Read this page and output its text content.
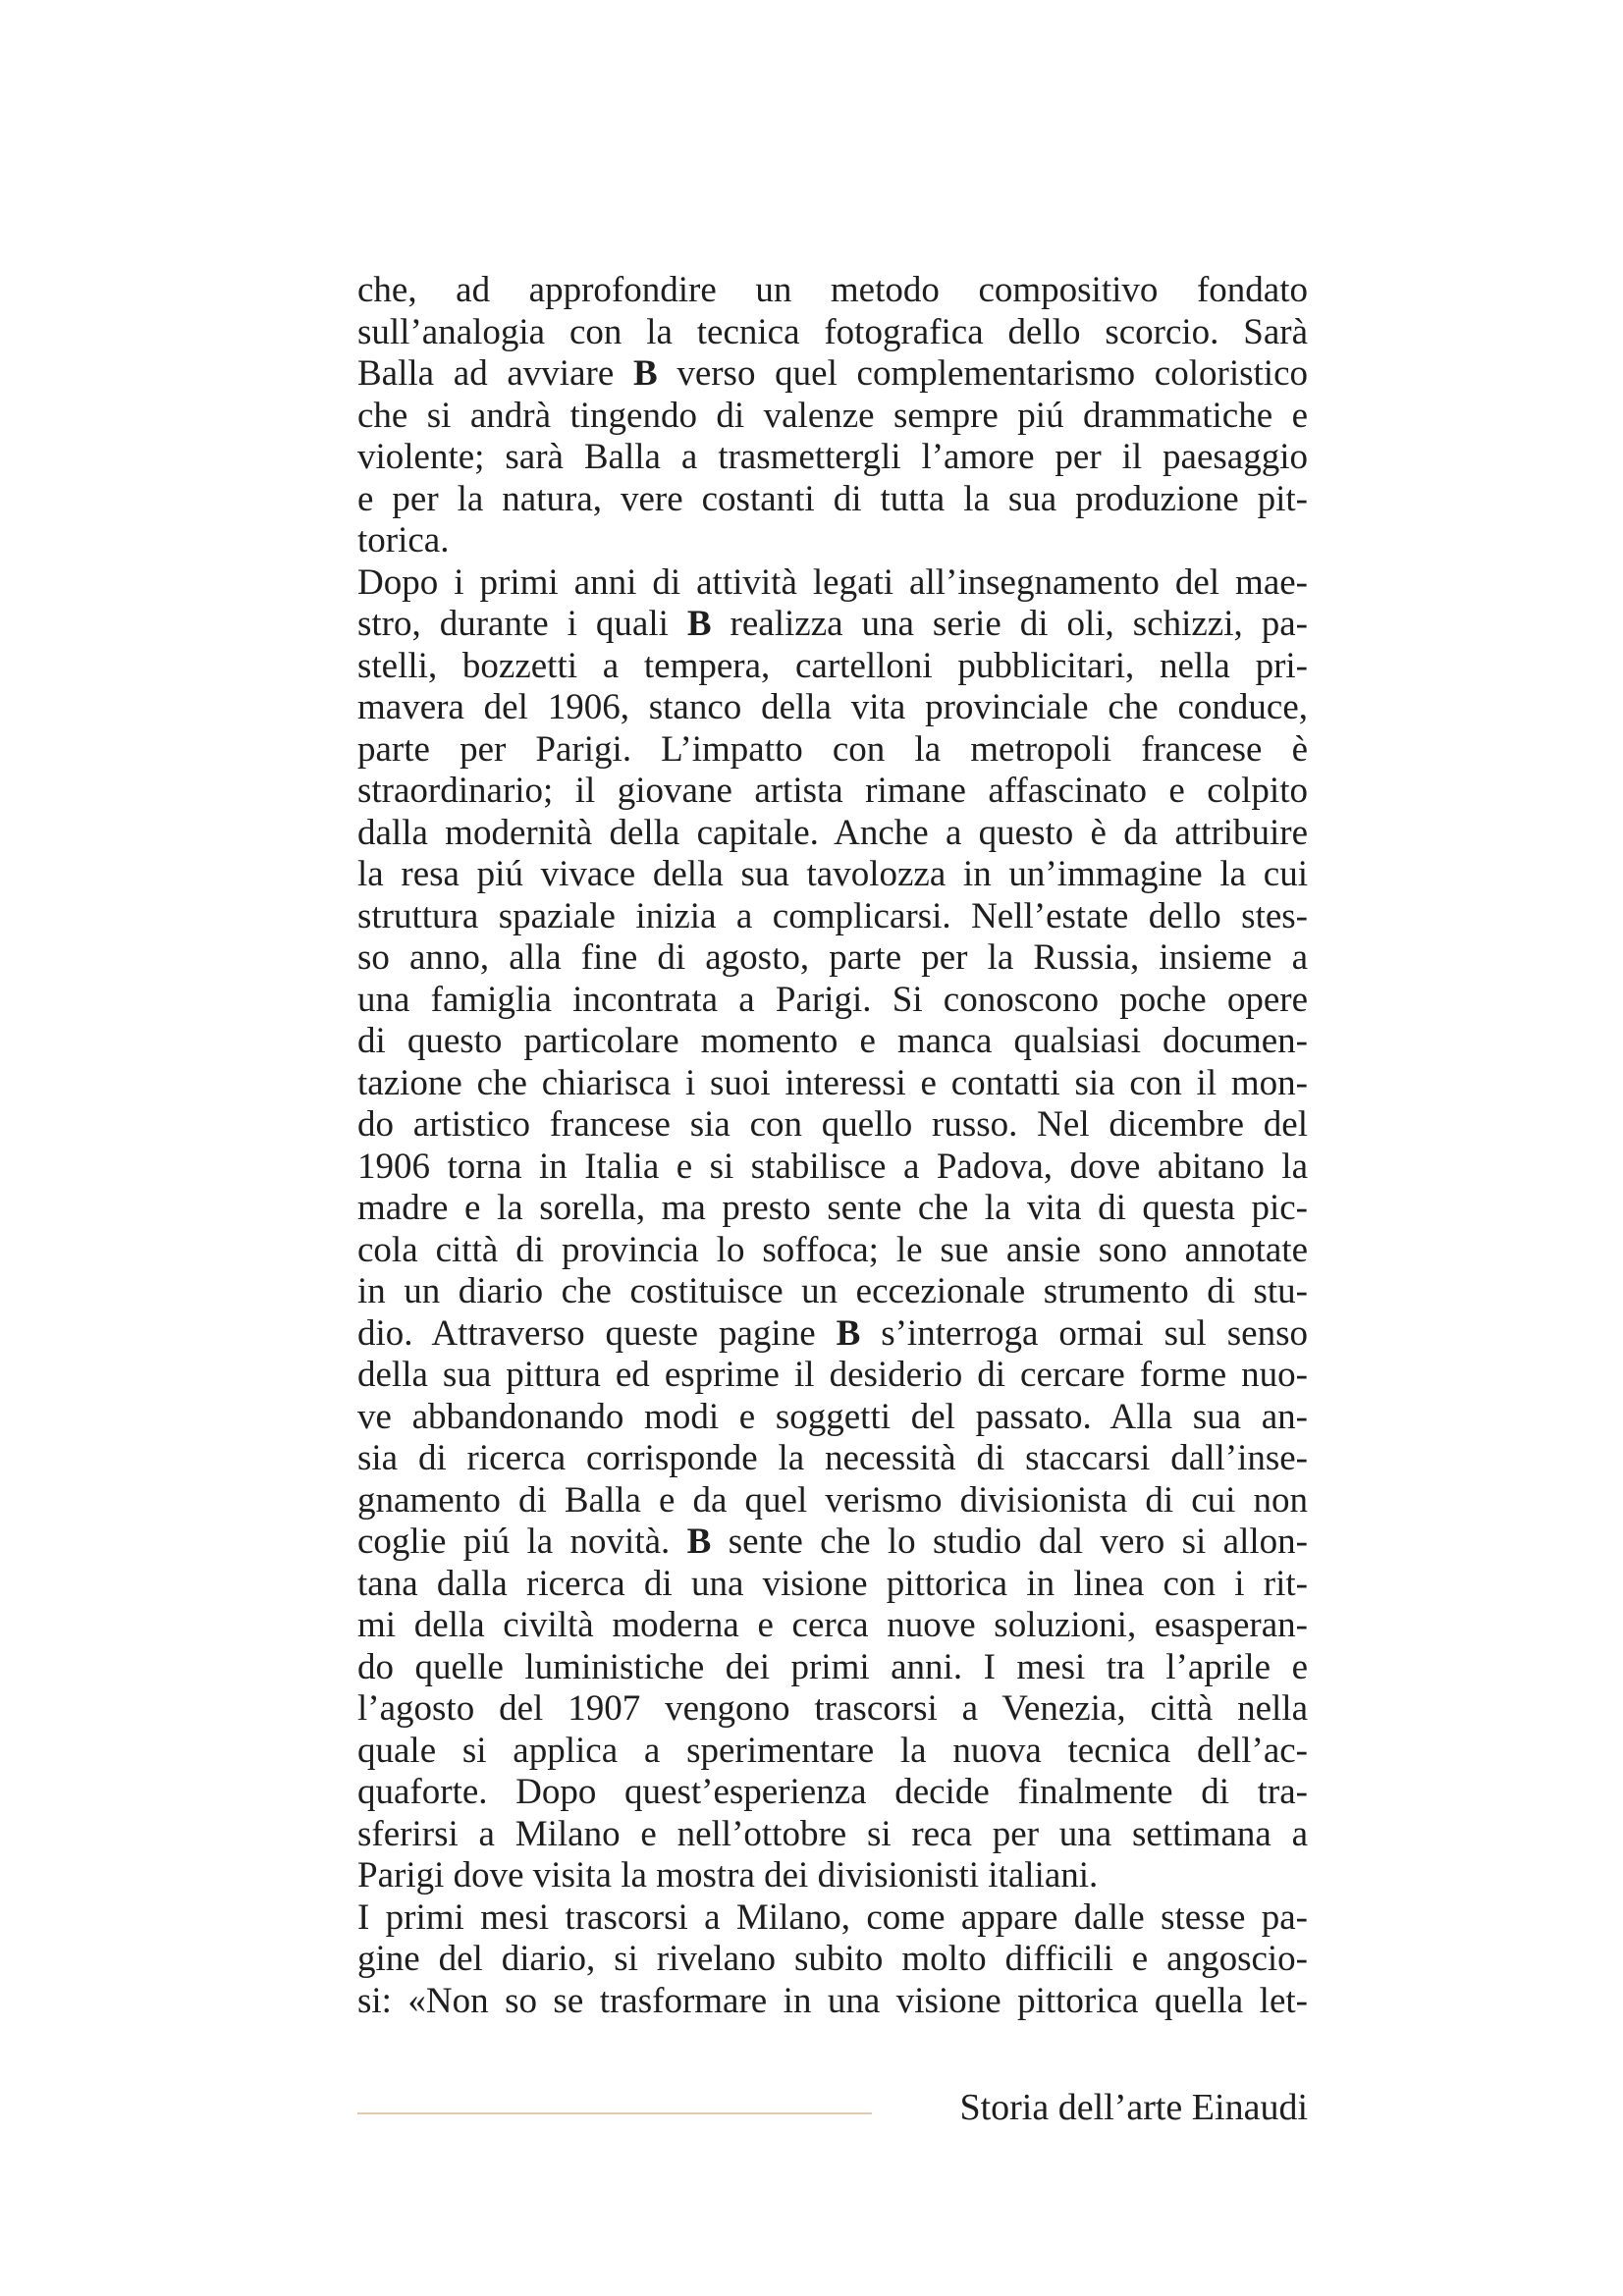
che, ad approfondire un metodo compositivo fondato
sull’analogia con la tecnica fotografica dello scorcio. Sarà
Balla ad avviare B verso quel complementarismo coloristico
che si andrà tingendo di valenze sempre piú drammatiche e
violente; sarà Balla a trasmettergli l’amore per il paesaggio
e per la natura, vere costanti di tutta la sua produzione pit-
torica.
Dopo i primi anni di attività legati all’insegnamento del mae-
stro, durante i quali B realizza una serie di oli, schizzi, pa-
stelli, bozzetti a tempera, cartelloni pubblicitari, nella pri-
mavera del 1906, stanco della vita provinciale che conduce,
parte per Parigi. L’impatto con la metropoli francese è
straordinario; il giovane artista rimane affascinato e colpito
dalla modernità della capitale. Anche a questo è da attribuire
la resa piú vivace della sua tavolozza in un’immagine la cui
struttura spaziale inizia a complicarsi. Nell’estate dello stes-
so anno, alla fine di agosto, parte per la Russia, insieme a
una famiglia incontrata a Parigi. Si conoscono poche opere
di questo particolare momento e manca qualsiasi documen-
tazione che chiarisca i suoi interessi e contatti sia con il mon-
do artistico francese sia con quello russo. Nel dicembre del
1906 torna in Italia e si stabilisce a Padova, dove abitano la
madre e la sorella, ma presto sente che la vita di questa pic-
cola città di provincia lo soffoca; le sue ansie sono annotate
in un diario che costituisce un eccezionale strumento di stu-
dio. Attraverso queste pagine B s’interroga ormai sul senso
della sua pittura ed esprime il desiderio di cercare forme nuo-
ve abbandonando modi e soggetti del passato. Alla sua an-
sia di ricerca corrisponde la necessità di staccarsi dall’inse-
gnamento di Balla e da quel verismo divisionista di cui non
coglie piú la novità. B sente che lo studio dal vero si allon-
tana dalla ricerca di una visione pittorica in linea con i rit-
mi della civiltà moderna e cerca nuove soluzioni, esasperan-
do quelle luministiche dei primi anni. I mesi tra l’aprile e
l’agosto del 1907 vengono trascorsi a Venezia, città nella
quale si applica a sperimentare la nuova tecnica dell’ac-
quaforte. Dopo quest’esperienza decide finalmente di tra-
sferirsi a Milano e nell’ottobre si reca per una settimana a
Parigi dove visita la mostra dei divisionisti italiani.
I primi mesi trascorsi a Milano, come appare dalle stesse pa-
gine del diario, si rivelano subito molto difficili e angoscio-
si: «Non so se trasformare in una visione pittorica quella let-
Storia dell’arte Einaudi
